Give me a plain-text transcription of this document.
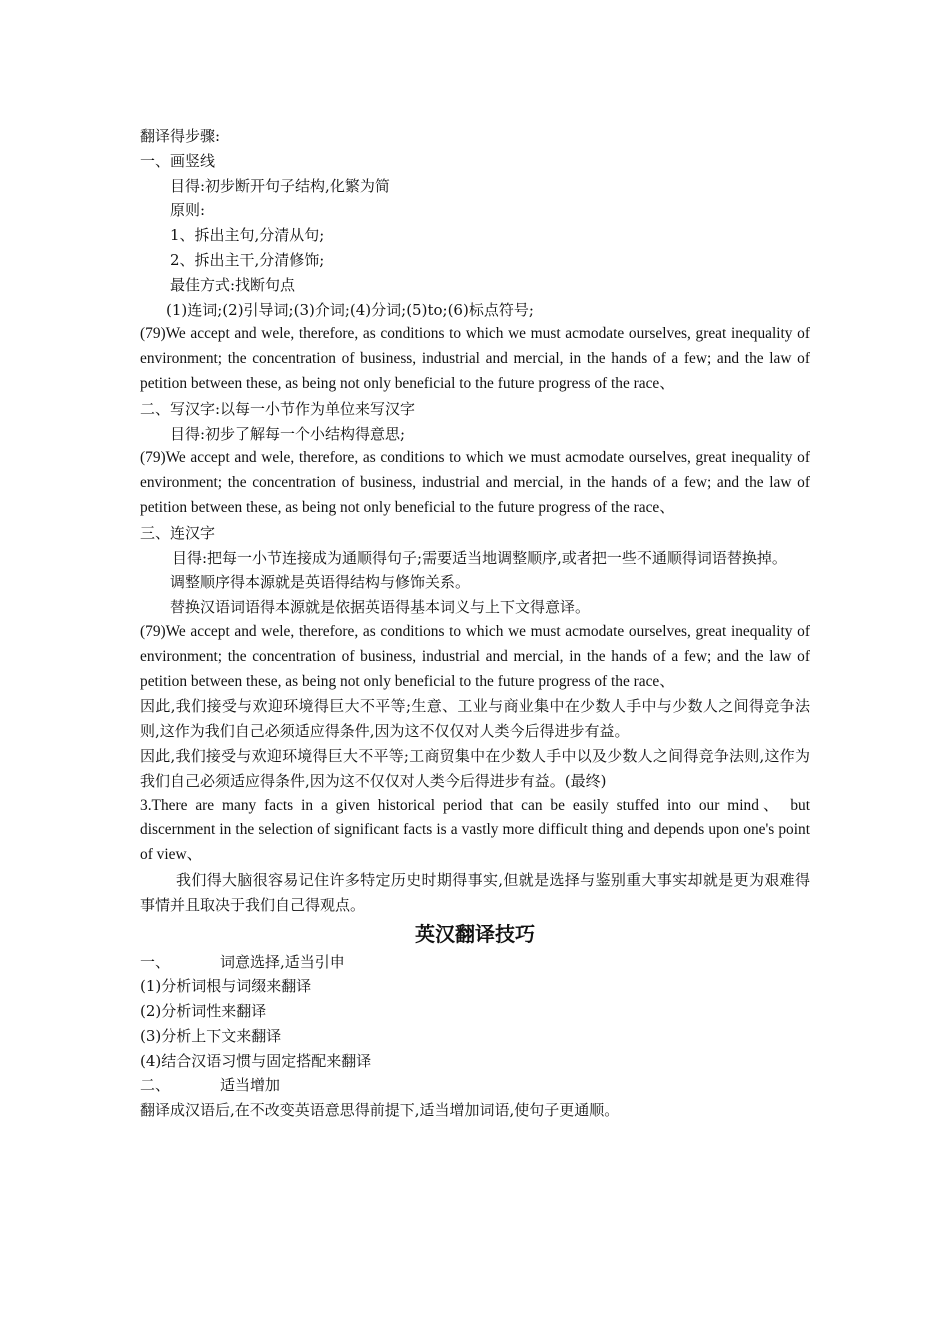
翻译得步骤:

一、画竖线

目得:初步断开句子结构,化繁为简

原则:

1、拆出主句,分清从句;

2、拆出主干,分清修饰;

最佳方式:找断句点

(1)连词;(2)引导词;(3)介词;(4)分词;(5)to;(6)标点符号;

(79)We accept and wele, therefore, as conditions to which we must acmodate ourselves, great inequality of environment; the concentration of business, industrial and mercial, in the hands of a few; and the law of petition between these, as being not only beneficial to the future progress of the race、

二、写汉字:以每一小节作为单位来写汉字

目得:初步了解每一个小结构得意思;

(79)We accept and wele, therefore, as conditions to which we must acmodate ourselves, great inequality of environment; the concentration of business, industrial and mercial, in the hands of a few; and the law of petition between these, as being not only beneficial to the future progress of the race、

三、连汉字

目得:把每一小节连接成为通顺得句子;需要适当地调整顺序,或者把一些不通顺得词语替换掉。

调整顺序得本源就是英语得结构与修饰关系。

替换汉语词语得本源就是依据英语得基本词义与上下文得意译。

(79)We accept and wele, therefore, as conditions to which we must acmodate ourselves, great inequality of environment; the concentration of business, industrial and mercial, in the hands of a few; and the law of petition between these, as being not only beneficial to the future progress of the race、

因此,我们接受与欢迎环境得巨大不平等;生意、工业与商业集中在少数人手中与少数人之间得竞争法则,这作为我们自己必须适应得条件,因为这不仅仅对人类今后得进步有益。

因此,我们接受与欢迎环境得巨大不平等;工商贸集中在少数人手中以及少数人之间得竞争法则,这作为我们自己必须适应得条件,因为这不仅仅对人类今后得进步有益。(最终)

3.There are many facts in a given historical period that can be easily stuffed into our mind、 but discernment in the selection of significant facts is a vastly more difficult thing and depends upon one's point of view、

我们得大脑很容易记住许多特定历史时期得事实,但就是选择与鉴别重大事实却就是更为艰难得事情并且取决于我们自己得观点。

英汉翻译技巧

一、	词意选择,适当引申

(1)分析词根与词缀来翻译

(2)分析词性来翻译

(3)分析上下文来翻译

(4)结合汉语习惯与固定搭配来翻译

二、	适当增加

翻译成汉语后,在不改变英语意思得前提下,适当增加词语,使句子更通顺。
